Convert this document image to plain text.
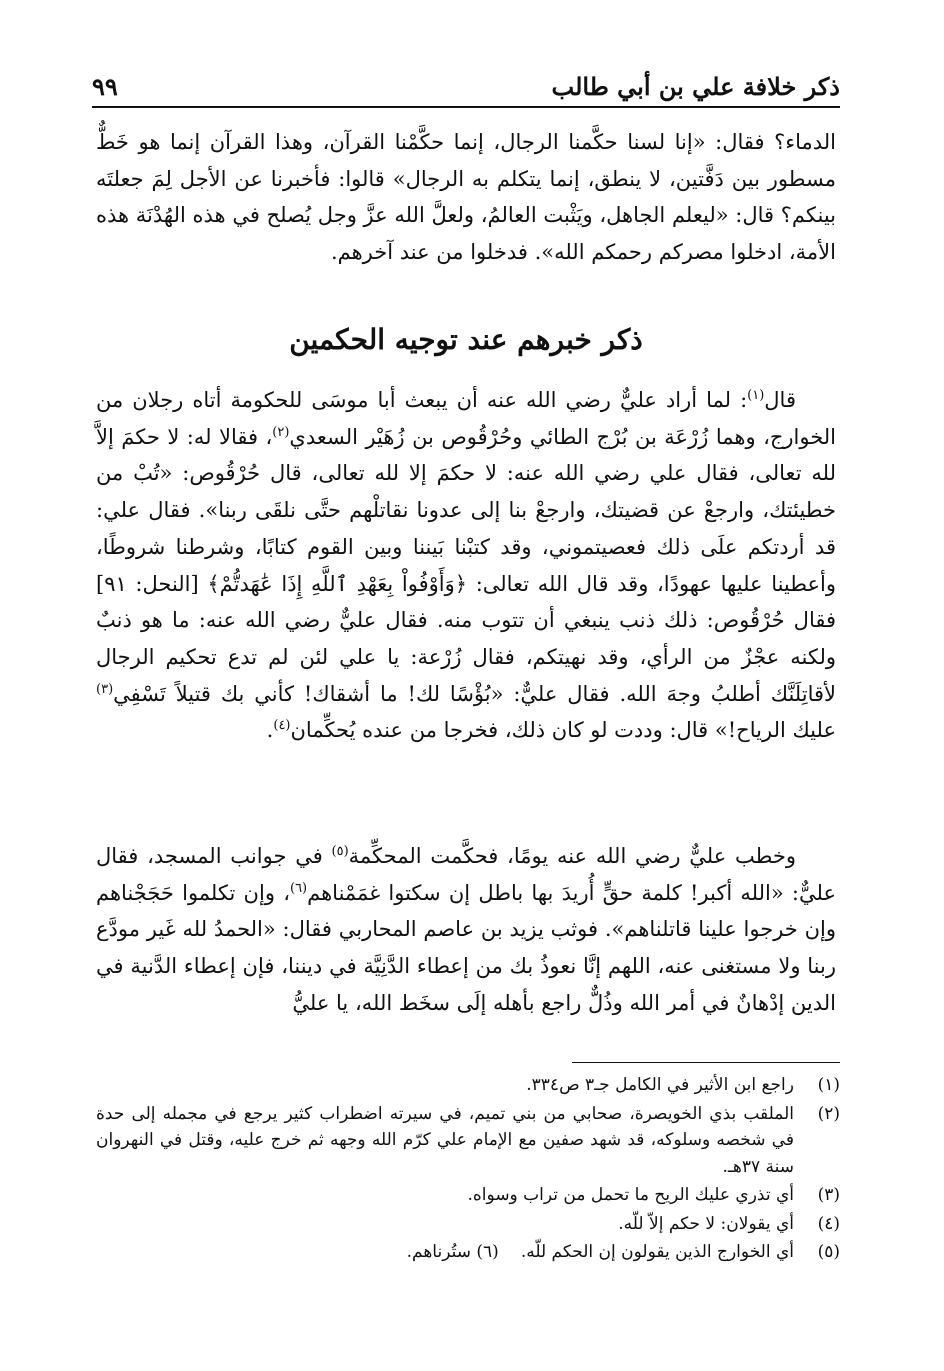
ذكر خلافة علي بن أبي طالب
٩٩

الدماء؟ فقال: «إنا لسنا حكَّمنا الرجال، إنما حكَّمْنا القرآن، وهذا القرآن إنما هو خَطٌّ مسطور بين دَفَّتين، لا ينطق، إنما يتكلم به الرجال» قالوا: فأخبرنا عن الأجل لِمَ جعلتَه بينكم؟ قال: «ليعلم الجاهل، ويَثْبت العالمُ، ولعلَّ الله عزَّ وجل يُصلح في هذه الهُدْنَة هذه الأمة، ادخلوا مصركم رحمكم الله». فدخلوا من عند آخرهم.

ذكر خبرهم عند توجيه الحكمين

قال$^{(١)}$: لما أراد عليٌّ رضي الله عنه أن يبعث أبا موسَى للحكومة أتاه رجلان من الخوارج، وهما زُرْعَة بن بُرْج الطائي وحُرْقُوص بن زُهَيْر السعدي$^{(٢)}$، فقالا له: لا حكمَ إلاَّ لله تعالى، فقال علي رضي الله عنه: لا حكمَ إلا لله تعالى، قال حُرْقُوص: «تُبْ من خطيئتك، وارجعْ عن قضيتك، وارجعْ بنا إلى عدونا نقاتلْهم حتَّى نلقَى ربنا». فقال علي: قد أردتكم علَى ذلك فعصيتموني، وقد كتبْنا بَيننا وبين القوم كتابًا، وشرطنا شروطًا، وأعطينا عليها عهودًا، وقد قال الله تعالى: ﴿وَأَوْفُواْ بِعَهْدِ ٱللَّهِ إِذَا عَٰهَدتُّمْ﴾ [النحل: ٩١] فقال حُرْقُوص: ذلك ذنب ينبغي أن تتوب منه. فقال عليٌّ رضي الله عنه: ما هو ذنبٌ ولكنه عجْزٌ من الرأي، وقد نهيتكم، فقال زُرْعة: يا علي لئن لم تدع تحكيم الرجال لأقاتِلَنَّك أطلبُ وجهَ الله. فقال عليٌّ: «بُؤْسًا لك! ما أشقاك! كأني بك قتيلاً تَسْفِي$^{(٣)}$ عليك الرياح!» قال: وددت لو كان ذلك، فخرجا من عنده يُحكِّمان$^{(٤)}$.

وخطب عليٌّ رضي الله عنه يومًا، فحكَّمت المحكِّمة$^{(٥)}$ في جوانب المسجد، فقال عليٌّ: «الله أكبر! كلمة حقٍّ أُريدَ بها باطل إن سكتوا غمَمْناهم$^{(٦)}$، وإن تكلموا حَجَجْناهم وإن خرجوا علينا قاتلناهم». فوثب يزيد بن عاصم المحاربي فقال: «الحمدُ لله غَير مودَّع ربنا ولا مستغنى عنه، اللهم إنَّا نعوذُ بك من إعطاء الدَّنِيَّة في ديننا، فإن إعطاء الدَّنية في الدين إدْهانٌ في أمر الله وذُلٌّ راجع بأهله إلَى سخَط الله، يا عليُّ

(١)
راجع ابن الأثير في الكامل جـ٣ ص٣٣٤.
(٢)
الملقب بذي الخويصرة، صحابي من بني تميم، في سيرته اضطراب كثير يرجع في مجمله إلى حدة في شخصه وسلوكه، قد شهد صفين مع الإمام علي كرّم الله وجهه ثم خرج عليه، وقتل في النهروان سنة ٣٧هـ.
(٣)
أي تذري عليك الريح ما تحمل من تراب وسواه.
(٤)
أي يقولان: لا حكم إلاّ للّه.
(٥)
أي الخوارج الذين يقولون إن الحكم للّه.(٦) ستُرناهم.
